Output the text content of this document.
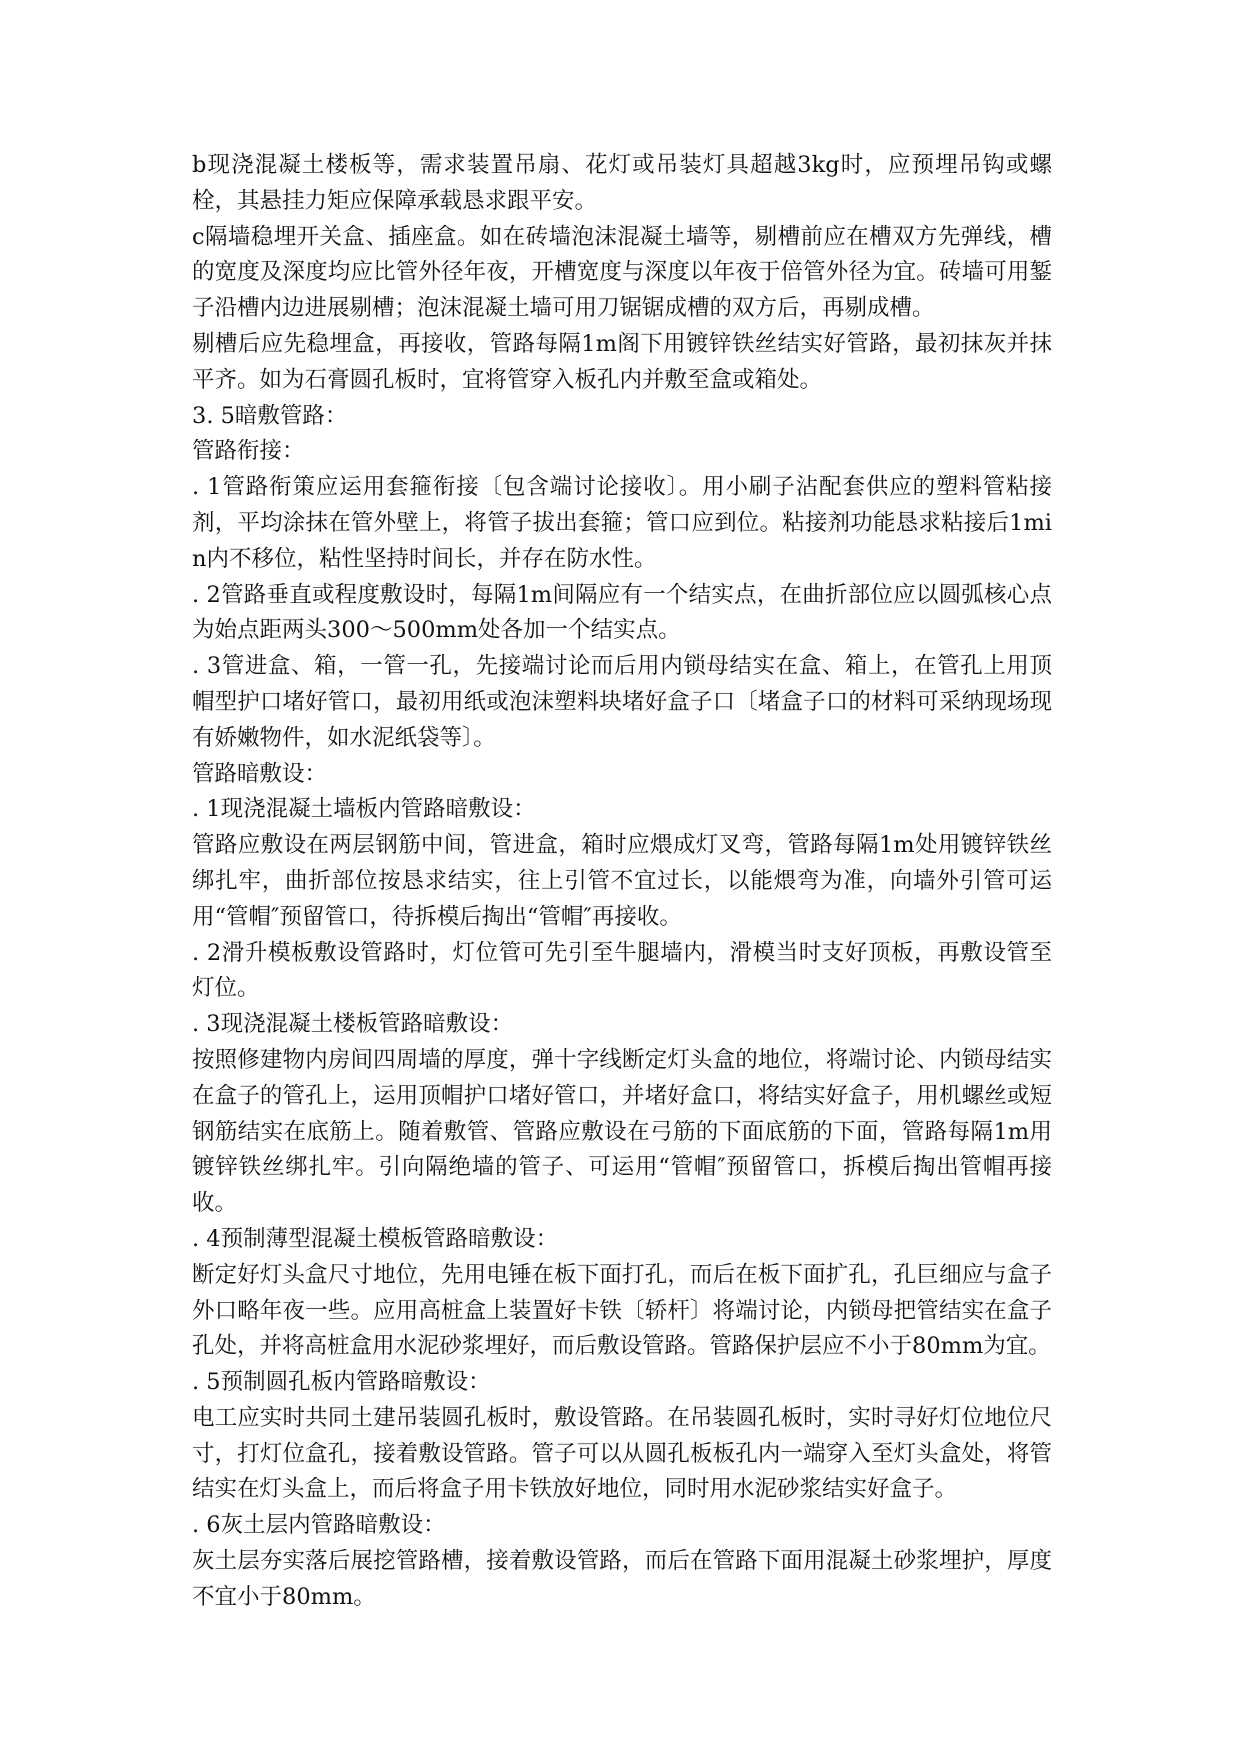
b现浇混凝土楼板等，需求装置吊扇、花灯或吊装灯具超越3kg时，应预埋吊钩或螺栓，其悬挂力矩应保障承载恳求跟平安。

c隔墙稳埋开关盒、插座盒。如在砖墙泡沫混凝土墙等，剔槽前应在槽双方先弹线，槽的宽度及深度均应比管外径年夜，开槽宽度与深度以年夜于倍管外径为宜。砖墙可用錾子沿槽内边进展剔槽；泡沫混凝土墙可用刀锯锯成槽的双方后，再剔成槽。

剔槽后应先稳埋盒，再接收，管路每隔1m阁下用镀锌铁丝结实好管路，最初抹灰并抹平齐。如为石膏圆孔板时，宜将管穿入板孔内并敷至盒或箱处。

3. 5暗敷管路：

管路衔接：

. 1管路衔策应运用套箍衔接〔包含端讨论接收〕。用小刷子沾配套供应的塑料管粘接剂，平均涂抹在管外壁上，将管子拔出套箍；管口应到位。粘接剂功能恳求粘接后1min内不移位，粘性坚持时间长，并存在防水性。

. 2管路垂直或程度敷设时，每隔1m间隔应有一个结实点，在曲折部位应以圆弧核心点为始点距两头300～500mm处各加一个结实点。

. 3管进盒、箱，一管一孔，先接端讨论而后用内锁母结实在盒、箱上，在管孔上用顶帽型护口堵好管口，最初用纸或泡沫塑料块堵好盒子口〔堵盒子口的材料可采纳现场现有娇嫩物件，如水泥纸袋等〕。

管路暗敷设：

. 1现浇混凝土墙板内管路暗敷设：

管路应敷设在两层钢筋中间，管进盒，箱时应煨成灯叉弯，管路每隔1m处用镀锌铁丝绑扎牢，曲折部位按恳求结实，往上引管不宜过长，以能煨弯为准，向墙外引管可运用“管帽″预留管口，待拆模后掏出“管帽″再接收。

. 2滑升模板敷设管路时，灯位管可先引至牛腿墙内，滑模当时支好顶板，再敷设管至灯位。

. 3现浇混凝土楼板管路暗敷设：

按照修建物内房间四周墙的厚度，弹十字线断定灯头盒的地位，将端讨论、内锁母结实在盒子的管孔上，运用顶帽护口堵好管口，并堵好盒口，将结实好盒子，用机螺丝或短钢筋结实在底筋上。随着敷管、管路应敷设在弓筋的下面底筋的下面，管路每隔1m用镀锌铁丝绑扎牢。引向隔绝墙的管子、可运用“管帽″预留管口，拆模后掏出管帽再接收。

. 4预制薄型混凝土模板管路暗敷设：

断定好灯头盒尺寸地位，先用电锤在板下面打孔，而后在板下面扩孔，孔巨细应与盒子外口略年夜一些。应用高桩盒上装置好卡铁〔轿杆〕将端讨论，内锁母把管结实在盒子孔处，并将高桩盒用水泥砂浆埋好，而后敷设管路。管路保护层应不小于80mm为宜。

. 5预制圆孔板内管路暗敷设：

电工应实时共同土建吊装圆孔板时，敷设管路。在吊装圆孔板时，实时寻好灯位地位尺寸，打灯位盒孔，接着敷设管路。管子可以从圆孔板板孔内一端穿入至灯头盒处，将管结实在灯头盒上，而后将盒子用卡铁放好地位，同时用水泥砂浆结实好盒子。

. 6灰土层内管路暗敷设：

灰土层夯实落后展挖管路槽，接着敷设管路，而后在管路下面用混凝土砂浆埋护，厚度不宜小于80mm。
